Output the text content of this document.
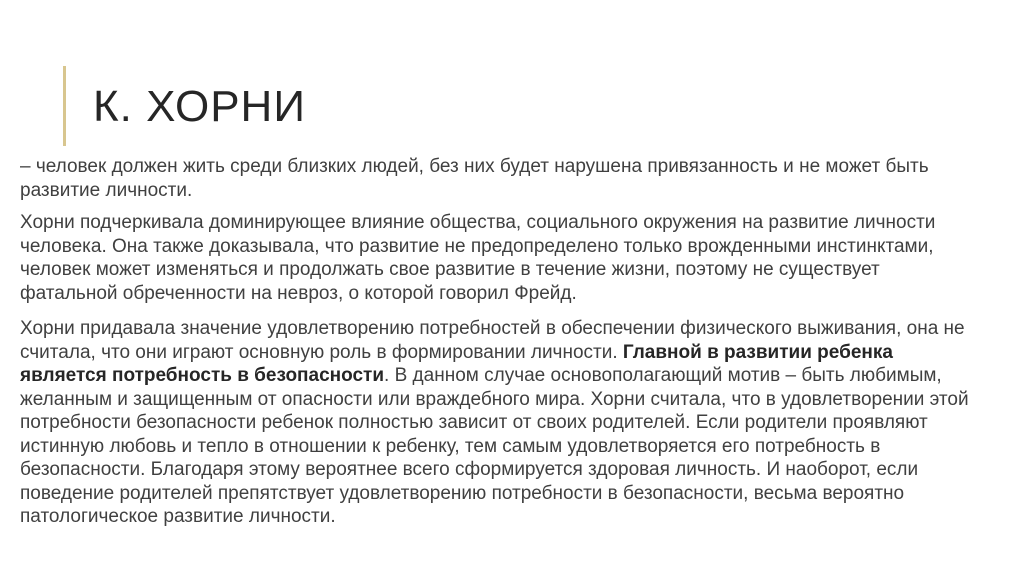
К. ХОРНИ

– человек должен жить среди близких людей, без них будет нарушена привязанность и не может быть развитие личности.

Хорни подчеркивала доминирующее влияние общества, социального окружения на развитие личности человека. Она также доказывала, что развитие не предопределено только врожденными инстинктами, человек может изменяться и продолжать свое развитие в течение жизни, поэтому не существует фатальной обреченности на невроз, о которой говорил Фрейд.

Хорни придавала значение удовлетворению потребностей в обеспечении физического выживания, она не считала, что они играют основную роль в формировании личности. Главной в развитии ребенка является потребность в безопасности. В данном случае основополагающий мотив – быть любимым, желанным и защищенным от опасности или враждебного мира. Хорни считала, что в удовлетворении этой потребности безопасности ребенок полностью зависит от своих родителей. Если родители проявляют истинную любовь и тепло в отношении к ребенку, тем самым удовлетворяется его потребность в безопасности. Благодаря этому вероятнее всего сформируется здоровая личность. И наоборот, если поведение родителей препятствует удовлетворению потребности в безопасности, весьма вероятно патологическое развитие личности.
